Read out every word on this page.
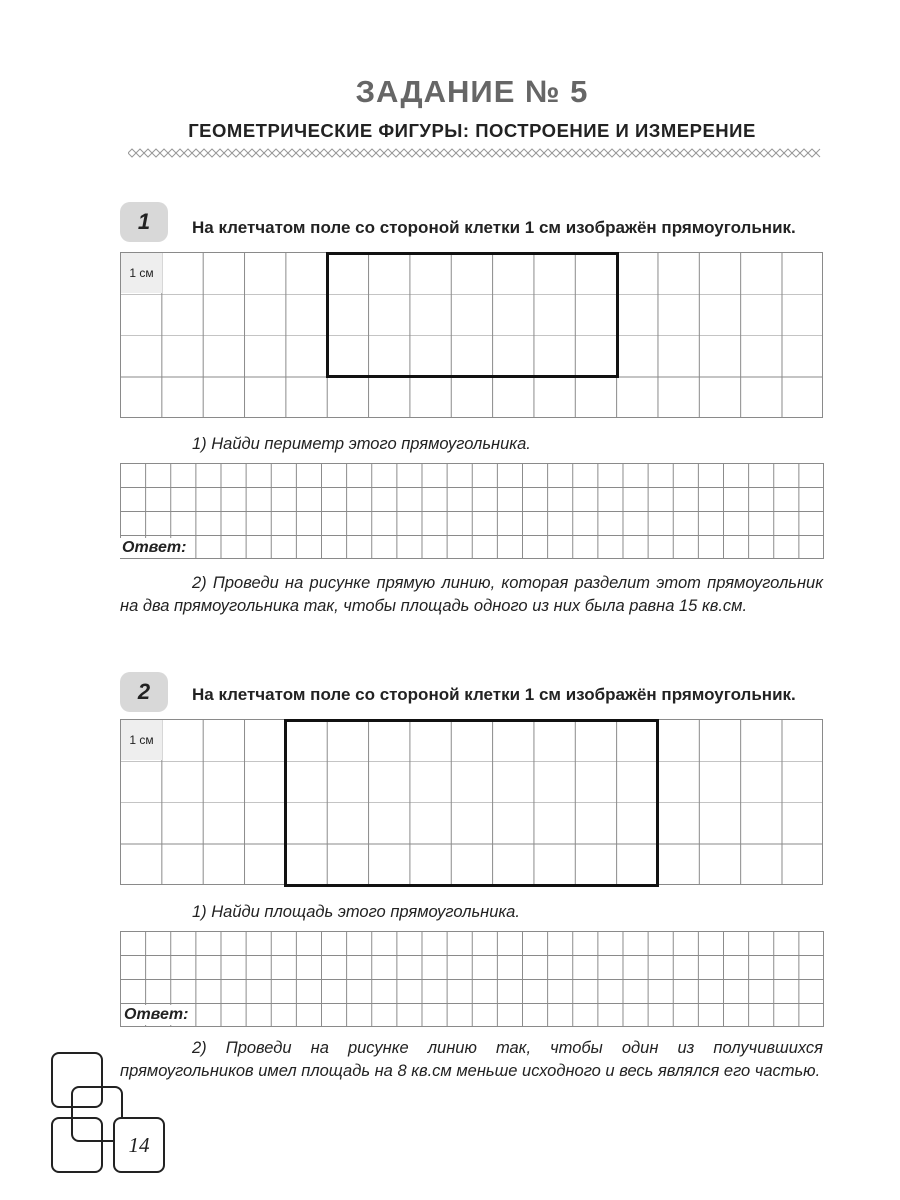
ЗАДАНИЕ № 5
ГЕОМЕТРИЧЕСКИЕ ФИГУРЫ: ПОСТРОЕНИЕ И ИЗМЕРЕНИЕ
1 На клетчатом поле со стороной клетки 1 см изображён прямоугольник.
1 см
1) Найди периметр этого прямоугольника.
Ответ:
2) Проведи на рисунке прямую линию, которая разделит этот прямоугольник на два прямоугольника так, чтобы площадь одного из них была равна 15 кв.см.
2 На клетчатом поле со стороной клетки 1 см изображён прямоугольник.
1 см
1) Найди площадь этого прямоугольника.
Ответ:
2) Проведи на рисунке линию так, чтобы один из получившихся прямоугольников имел площадь на 8 кв.см меньше исходного и весь являлся его частью.
14
